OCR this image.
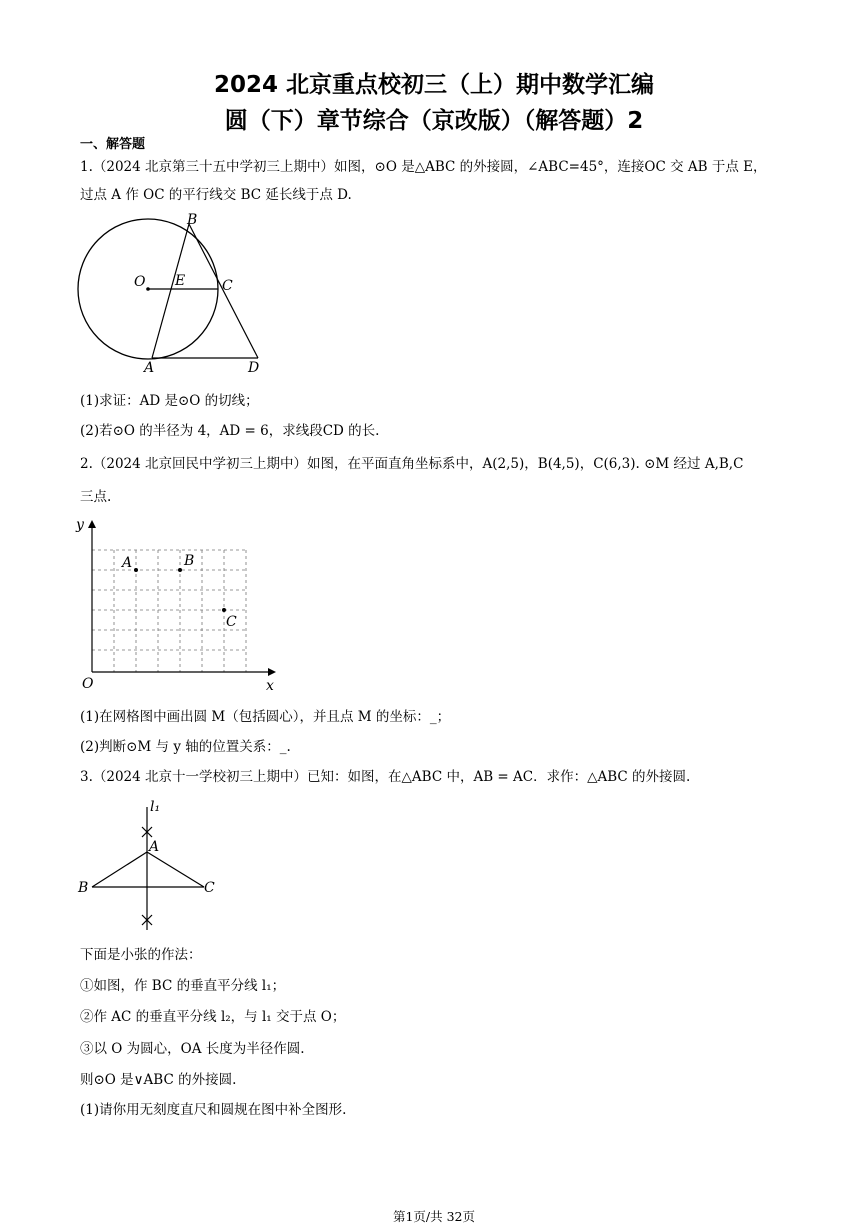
2024 北京重点校初三（上）期中数学汇编
圆（下）章节综合（京改版）（解答题）2
一、解答题
1.（2024 北京第三十五中学初三上期中）如图，⊙O 是△ABC 的外接圆，∠ABC=45°，连接OC 交 AB 于点 E，
过点 A 作 OC 的平行线交 BC 延长线于点 D.
B
O E	C
A	D
(1)求证：AD 是⊙O 的切线；
(2)若⊙O 的半径为 4，AD = 6，求线段CD 的长.
2.（2024 北京回民中学初三上期中）如图，在平面直角坐标系中，A(2,5)，B(4,5)，C(6,3). ⊙M 经过 A,B,C
三点.
y
x
O
A	B
C
(1)在网格图中画出圆 M（包括圆心），并且点 M 的坐标：_；
(2)判断⊙M 与 y 轴的位置关系：_.
3.（2024 北京十一学校初三上期中）已知：如图，在△ABC 中，AB = AC．求作：△ABC 的外接圆.
l₁
A
B	C
下面是小张的作法：
①如图，作 BC 的垂直平分线 l₁；
②作 AC 的垂直平分线 l₂，与 l₁ 交于点 O；
③以 O 为圆心，OA 长度为半径作圆.
则⊙O 是∨ABC 的外接圆.
(1)请你用无刻度直尺和圆规在图中补全图形.
第1页/共 32页
